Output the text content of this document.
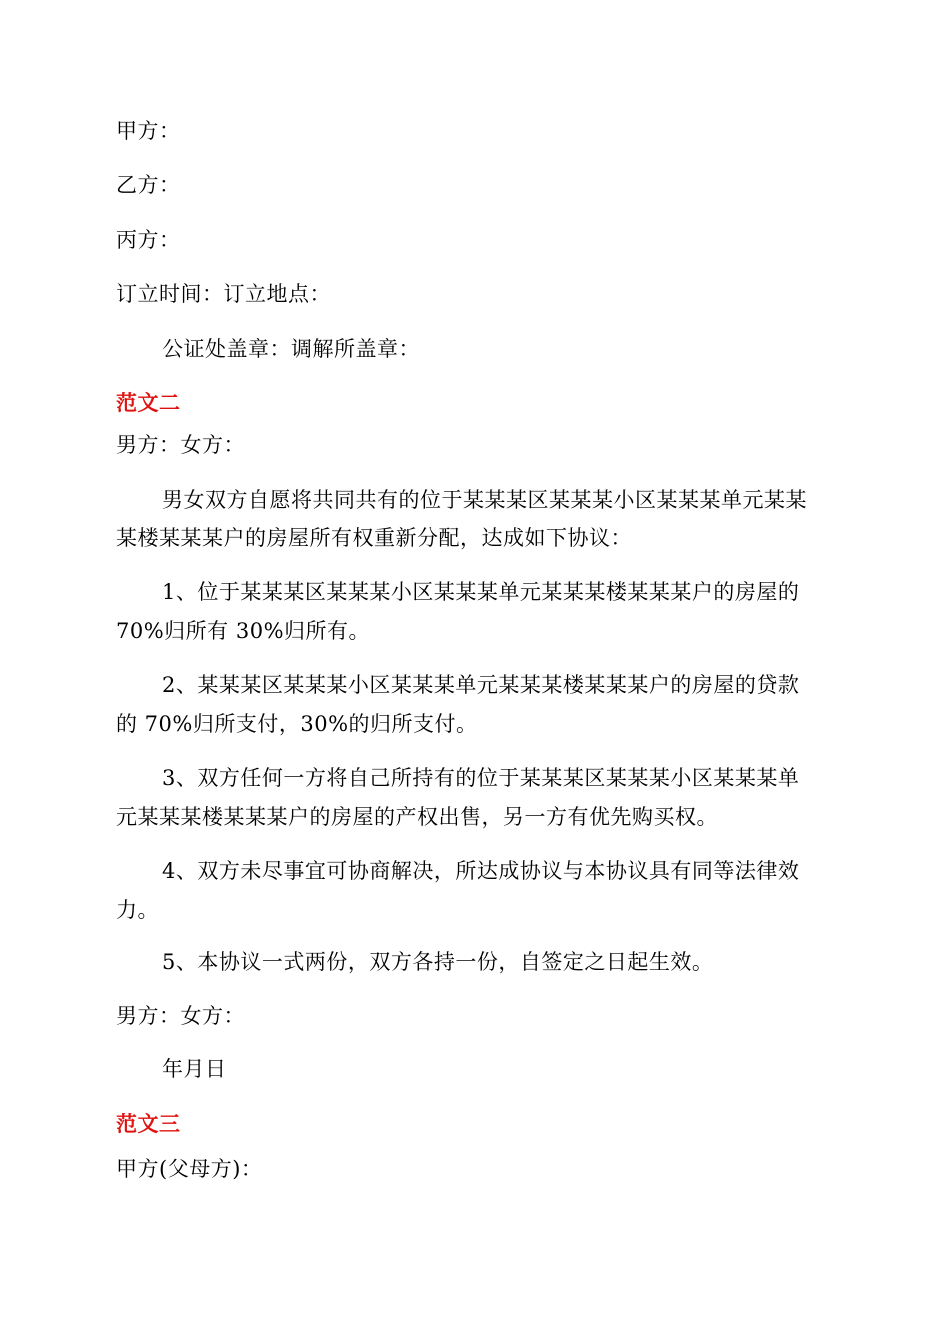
甲方：
乙方：
丙方：
订立时间：订立地点：
公证处盖章：调解所盖章：
范文二
男方：女方：
男女双方自愿将共同共有的位于某某某区某某某小区某某某单元某某
某楼某某某户的房屋所有权重新分配，达成如下协议：
1、位于某某某区某某某小区某某某单元某某某楼某某某户的房屋的
70%归所有 30%归所有。
2、某某某区某某某小区某某某单元某某某楼某某某户的房屋的贷款
的 70%归所支付，30%的归所支付。
3、双方任何一方将自己所持有的位于某某某区某某某小区某某某单
元某某某楼某某某户的房屋的产权出售，另一方有优先购买权。
4、双方未尽事宜可协商解决，所达成协议与本协议具有同等法律效
力。
5、本协议一式两份，双方各持一份，自签定之日起生效。
男方：女方：
年月日
范文三
甲方(父母方)：
